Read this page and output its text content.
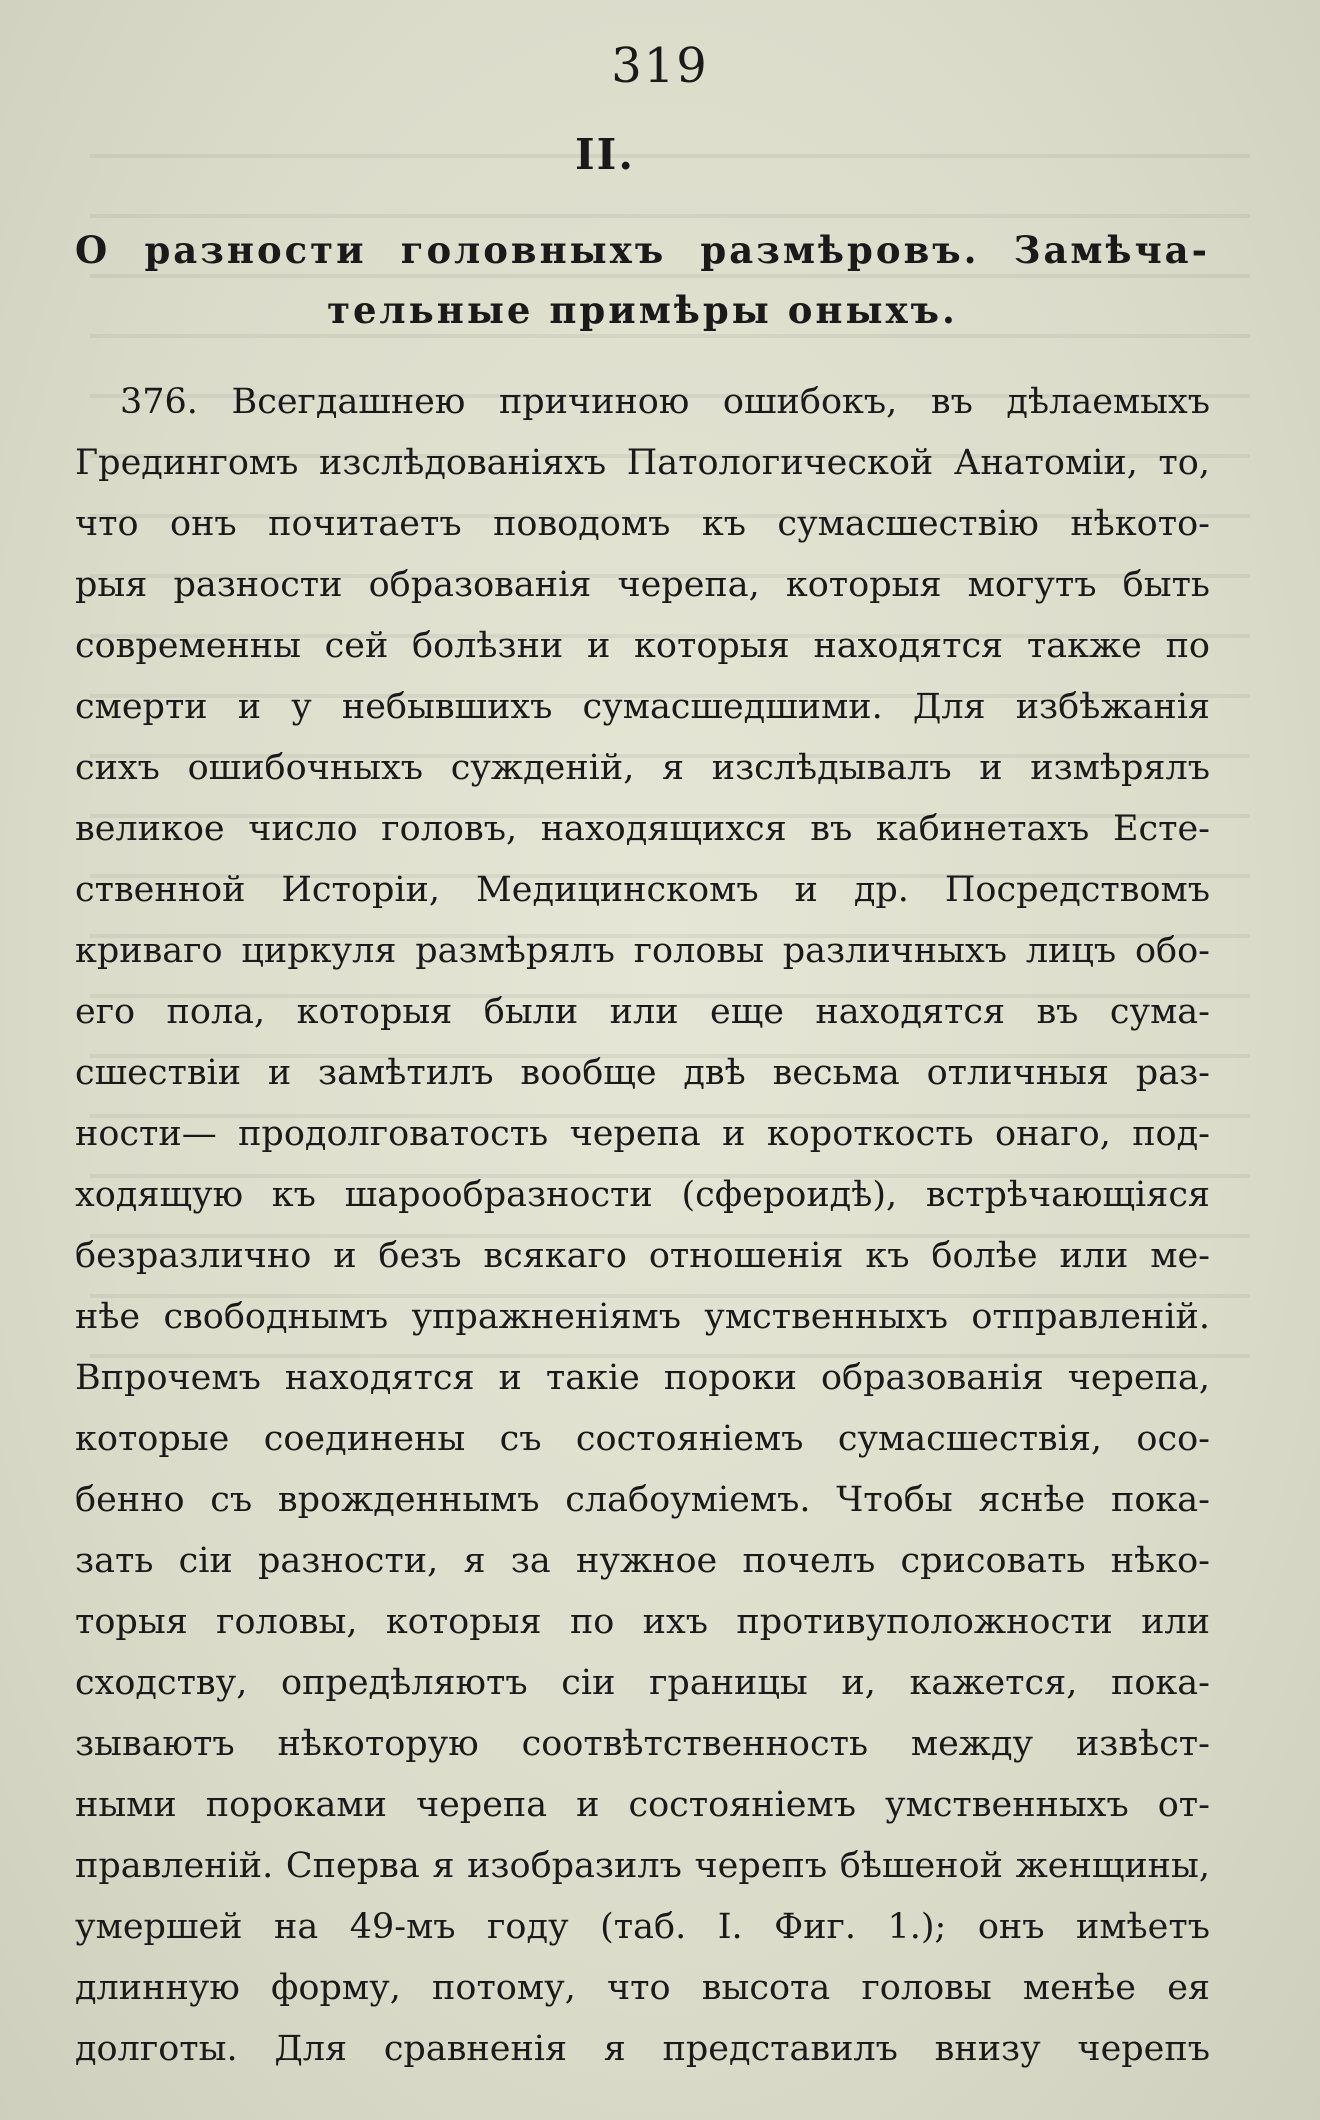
319
II.
О разности головныхъ размѣровъ. Замѣча-
тельные примѣры оныхъ.
376. Всегдашнею причиною ошибокъ, въ дѣлаемыхъ
Гредингомъ изслѣдованiяхъ Патологической Анатомiи, то,
что онъ почитаетъ поводомъ къ сумасшествiю нѣкото-
рыя разности образованiя черепа, которыя могутъ быть
современны сей болѣзни и которыя находятся также по
смерти и у небывшихъ сумасшедшими. Для избѣжанiя
сихъ ошибочныхъ сужденiй, я изслѣдывалъ и измѣрялъ
великое число головъ, находящихся въ кабинетахъ Есте-
ственной Исторiи, Медицинскомъ и др. Посредствомъ
криваго циркуля размѣрялъ головы различныхъ лицъ обо-
его пола, которыя были или еще находятся въ сума-
сшествiи и замѣтилъ вообще двѣ весьма отличныя раз-
ности— продолговатость черепа и короткость онаго, под-
ходящую къ шарообразности (сфероидѣ), встрѣчающiяся
безразлично и безъ всякаго отношенiя къ болѣе или ме-
нѣе свободнымъ упражненiямъ умственныхъ отправленiй.
Впрочемъ находятся и такiе пороки образованiя черепа,
которые соединены съ состоянiемъ сумасшествiя, осо-
бенно съ врожденнымъ слабоумiемъ. Чтобы яснѣе пока-
зать сiи разности, я за нужное почелъ срисовать нѣко-
торыя головы, которыя по ихъ противуположности или
сходству, опредѣляютъ сiи границы и, кажется, пока-
зываютъ нѣкоторую соотвѣтственность между извѣст-
ными пороками черепа и состоянiемъ умственныхъ от-
правленiй. Сперва я изобразилъ черепъ бѣшеной женщины,
умершей на 49-мъ году (таб. I. Фиг. 1.); онъ имѣетъ
длинную форму, потому, что высота головы менѣе ея
долготы. Для сравненiя я представилъ внизу черепъ
